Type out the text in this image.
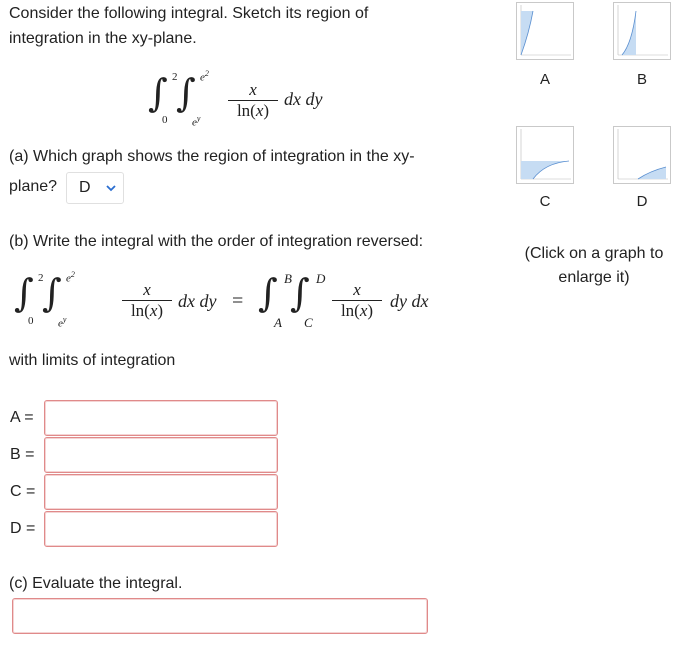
Consider the following integral. Sketch its region of
integration in the xy-plane.
∫ 2
0
∫ $e^2$
$e^y$
x
ln(x)
dx dy
(a) Which graph shows the region of integration in the xy-
plane?	D
(b) Write the integral with the order of integration reversed:
∫ 2
0
∫ $e^2$
$e^y$
x
ln(x) dx dy = ∫ B
A
∫ D
C
x
ln(x) dy dx
with limits of integration
A =
B =
C =
D =
(c) Evaluate the integral.
A	B
C	D
(Click on a graph to
enlarge it)
